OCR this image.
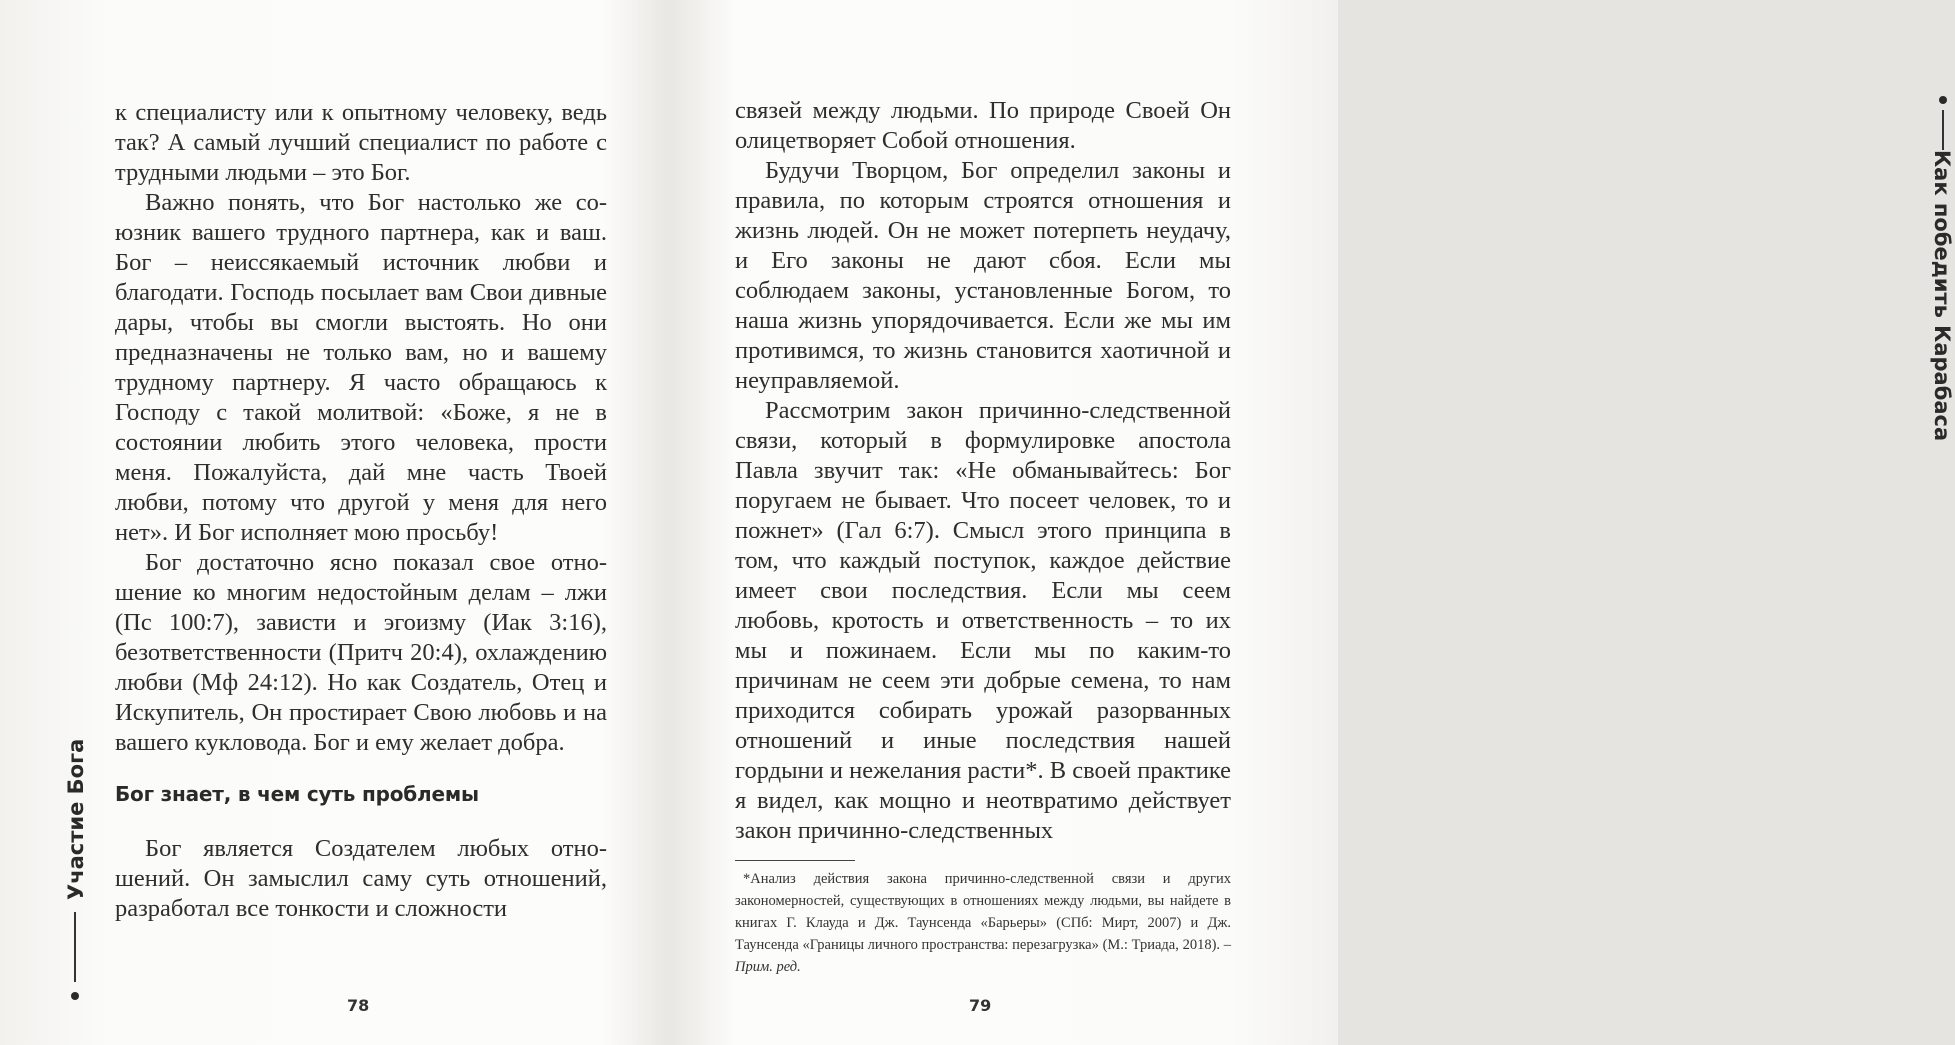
к специалисту или к опытному человеку, ведь так? А самый лучший специалист по работе с трудными людьми – это Бог.

Важно понять, что Бог настолько же союзник вашего трудного партнера, как и ваш. Бог – неиссякаемый источник любви и благодати. Господь посылает вам Свои дивные дары, чтобы вы смогли выстоять. Но они предназначены не только вам, но и вашему трудному партнеру. Я часто обращаюсь к Господу с такой молитвой: «Боже, я не в состоянии любить этого человека, прости меня. Пожалуйста, дай мне часть Твоей любви, потому что другой у меня для него нет». И Бог исполняет мою просьбу!

Бог достаточно ясно показал свое отношение ко многим недостойным делам – лжи (Пс 100:7), зависти и эгоизму (Иак 3:16), безответственности (Притч 20:4), охлаждению любви (Мф 24:12). Но как Создатель, Отец и Искупитель, Он простирает Свою любовь и на вашего кукловода. Бог и ему желает добра.

Бог знает, в чем суть проблемы

Бог является Создателем любых отношений. Он замыслил саму суть отношений, разработал все тонкости и сложности

Участие Бога
78

связей между людьми. По природе Своей Он олицетворяет Собой отношения.

Будучи Творцом, Бог определил законы и правила, по которым строятся отношения и жизнь людей. Он не может потерпеть неудачу, и Его законы не дают сбоя. Если мы соблюдаем законы, установленные Богом, то наша жизнь упорядочивается. Если же мы им противимся, то жизнь становится хаотичной и неуправляемой.

Рассмотрим закон причинно-следственной связи, который в формулировке апостола Павла звучит так: «Не обманывайтесь: Бог поругаем не бывает. Что посеет человек, то и пожнет» (Гал 6:7). Смысл этого принципа в том, что каждый поступок, каждое действие имеет свои последствия. Если мы сеем любовь, кротость и ответственность – то их мы и пожинаем. Если мы по каким-то причинам не сеем эти добрые семена, то нам приходится собирать урожай разорванных отношений и иные последствия нашей гордыни и нежелания расти*. В своей практике я видел, как мощно и неотвратимо действует закон причинно-следственных

*Анализ действия закона причинно-следственной связи и других закономерностей, существующих в отношениях между людьми, вы найдете в книгах Г. Клауда и Дж. Таунсенда «Барьеры» (СПб: Мирт, 2007) и Дж. Таунсенда «Границы личного пространства: перезагрузка» (М.: Триада, 2018). – Прим. ред.
Как победить Карабаса
79
